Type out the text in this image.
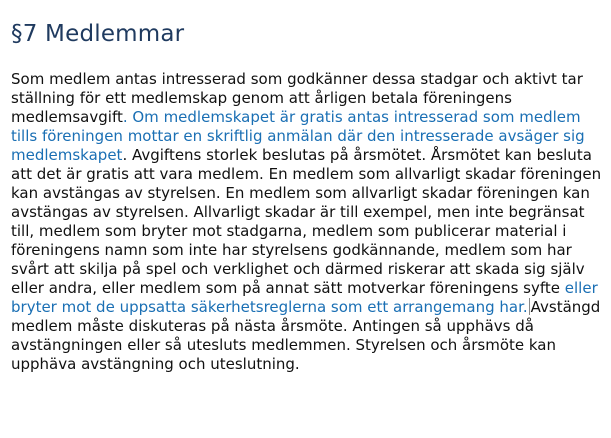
§7 Medlemmar

Som medlem antas intresserad som godkänner dessa stadgar och aktivt tar ställning för ett medlemskap genom att årligen betala föreningens medlemsavgift. Om medlemskapet är gratis antas intresserad som medlem tills föreningen mottar en skriftlig anmälan där den intresserade avsäger sig medlemskapet. Avgiftens storlek beslutas på årsmötet. Årsmötet kan besluta att det är gratis att vara medlem. En medlem som allvarligt skadar föreningen kan avstängas av styrelsen. En medlem som allvarligt skadar föreningen kan avstängas av styrelsen. Allvarligt skadar är till exempel, men inte begränsat till, medlem som bryter mot stadgarna, medlem som publicerar material i föreningens namn som inte har styrelsens godkännande, medlem som har svårt att skilja på spel och verklighet och därmed riskerar att skada sig själv eller andra, eller medlem som på annat sätt motverkar föreningens syfte eller bryter mot de uppsatta säkerhetsreglerna som ett arrangemang har. Avstängd medlem måste diskuteras på nästa årsmöte. Antingen så upphävs då avstängningen eller så utesluts medlemmen. Styrelsen och årsmöte kan upphäva avstängning och uteslutning.
